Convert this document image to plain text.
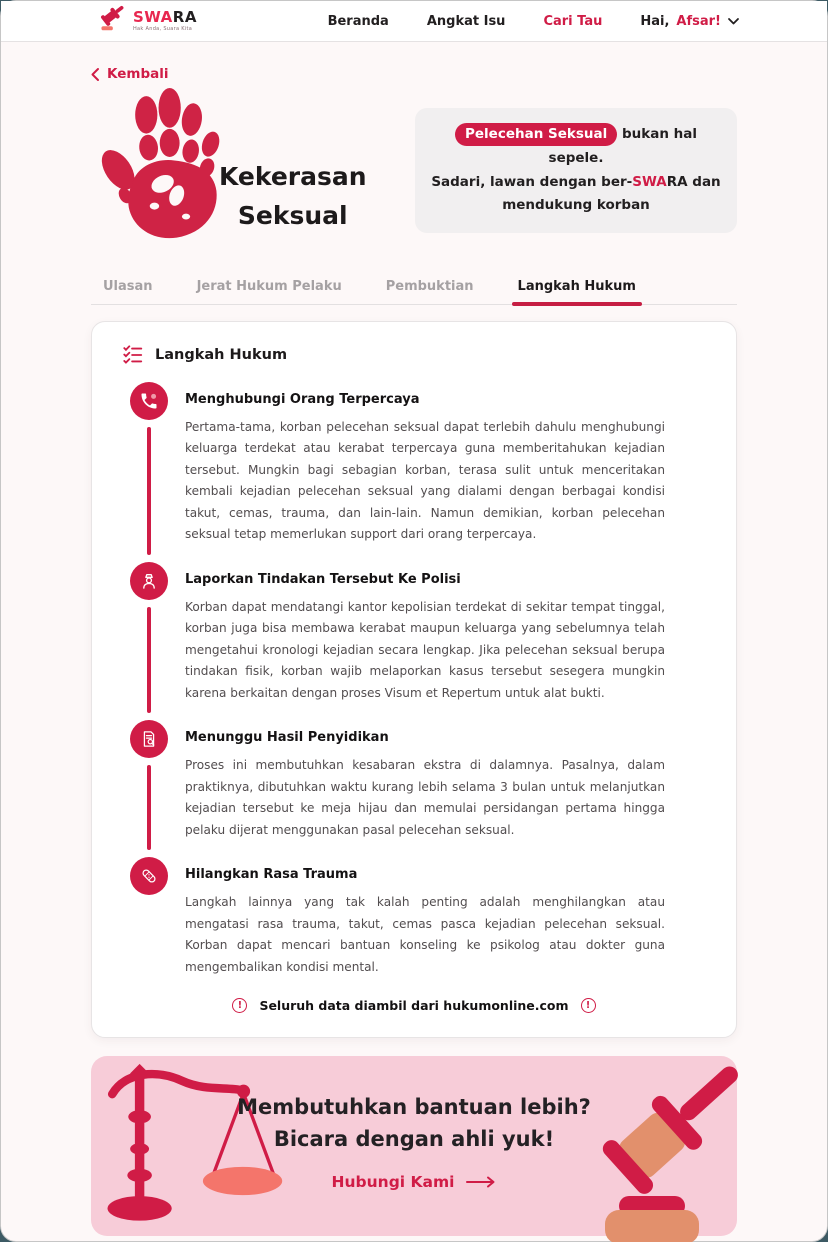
SWARA
Hak Anda, Suara Kita
Beranda	Angkat Isu	Cari Tau	Hai, Afsar!
Kembali
Kekerasan
Seksual
Pelecehan Seksual bukan hal sepele.
Sadari, lawan dengan ber-SWARA dan
mendukung korban
Ulasan	Jerat Hukum Pelaku	Pembuktian	Langkah Hukum
Langkah Hukum
Menghubungi Orang Terpercaya
Pertama-tama, korban pelecehan seksual dapat terlebih dahulu menghubungi keluarga terdekat atau kerabat terpercaya guna memberitahukan kejadian tersebut. Mungkin bagi sebagian korban, terasa sulit untuk menceritakan kembali kejadian pelecehan seksual yang dialami dengan berbagai kondisi takut, cemas, trauma, dan lain-lain. Namun demikian, korban pelecehan seksual tetap memerlukan support dari orang terpercaya.
Laporkan Tindakan Tersebut Ke Polisi
Korban dapat mendatangi kantor kepolisian terdekat di sekitar tempat tinggal, korban juga bisa membawa kerabat maupun keluarga yang sebelumnya telah mengetahui kronologi kejadian secara lengkap. Jika pelecehan seksual berupa tindakan fisik, korban wajib melaporkan kasus tersebut sesegera mungkin karena berkaitan dengan proses Visum et Repertum untuk alat bukti.
Menunggu Hasil Penyidikan
Proses ini membutuhkan kesabaran ekstra di dalamnya. Pasalnya, dalam praktiknya, dibutuhkan waktu kurang lebih selama 3 bulan untuk melanjutkan kejadian tersebut ke meja hijau dan memulai persidangan pertama hingga pelaku dijerat menggunakan pasal pelecehan seksual.
Hilangkan Rasa Trauma
Langkah lainnya yang tak kalah penting adalah menghilangkan atau mengatasi rasa trauma, takut, cemas pasca kejadian pelecehan seksual. Korban dapat mencari bantuan konseling ke psikolog atau dokter guna mengembalikan kondisi mental.
!	Seluruh data diambil dari hukumonline.com	!
Membutuhkan bantuan lebih?
Bicara dengan ahli yuk!
Hubungi Kami
